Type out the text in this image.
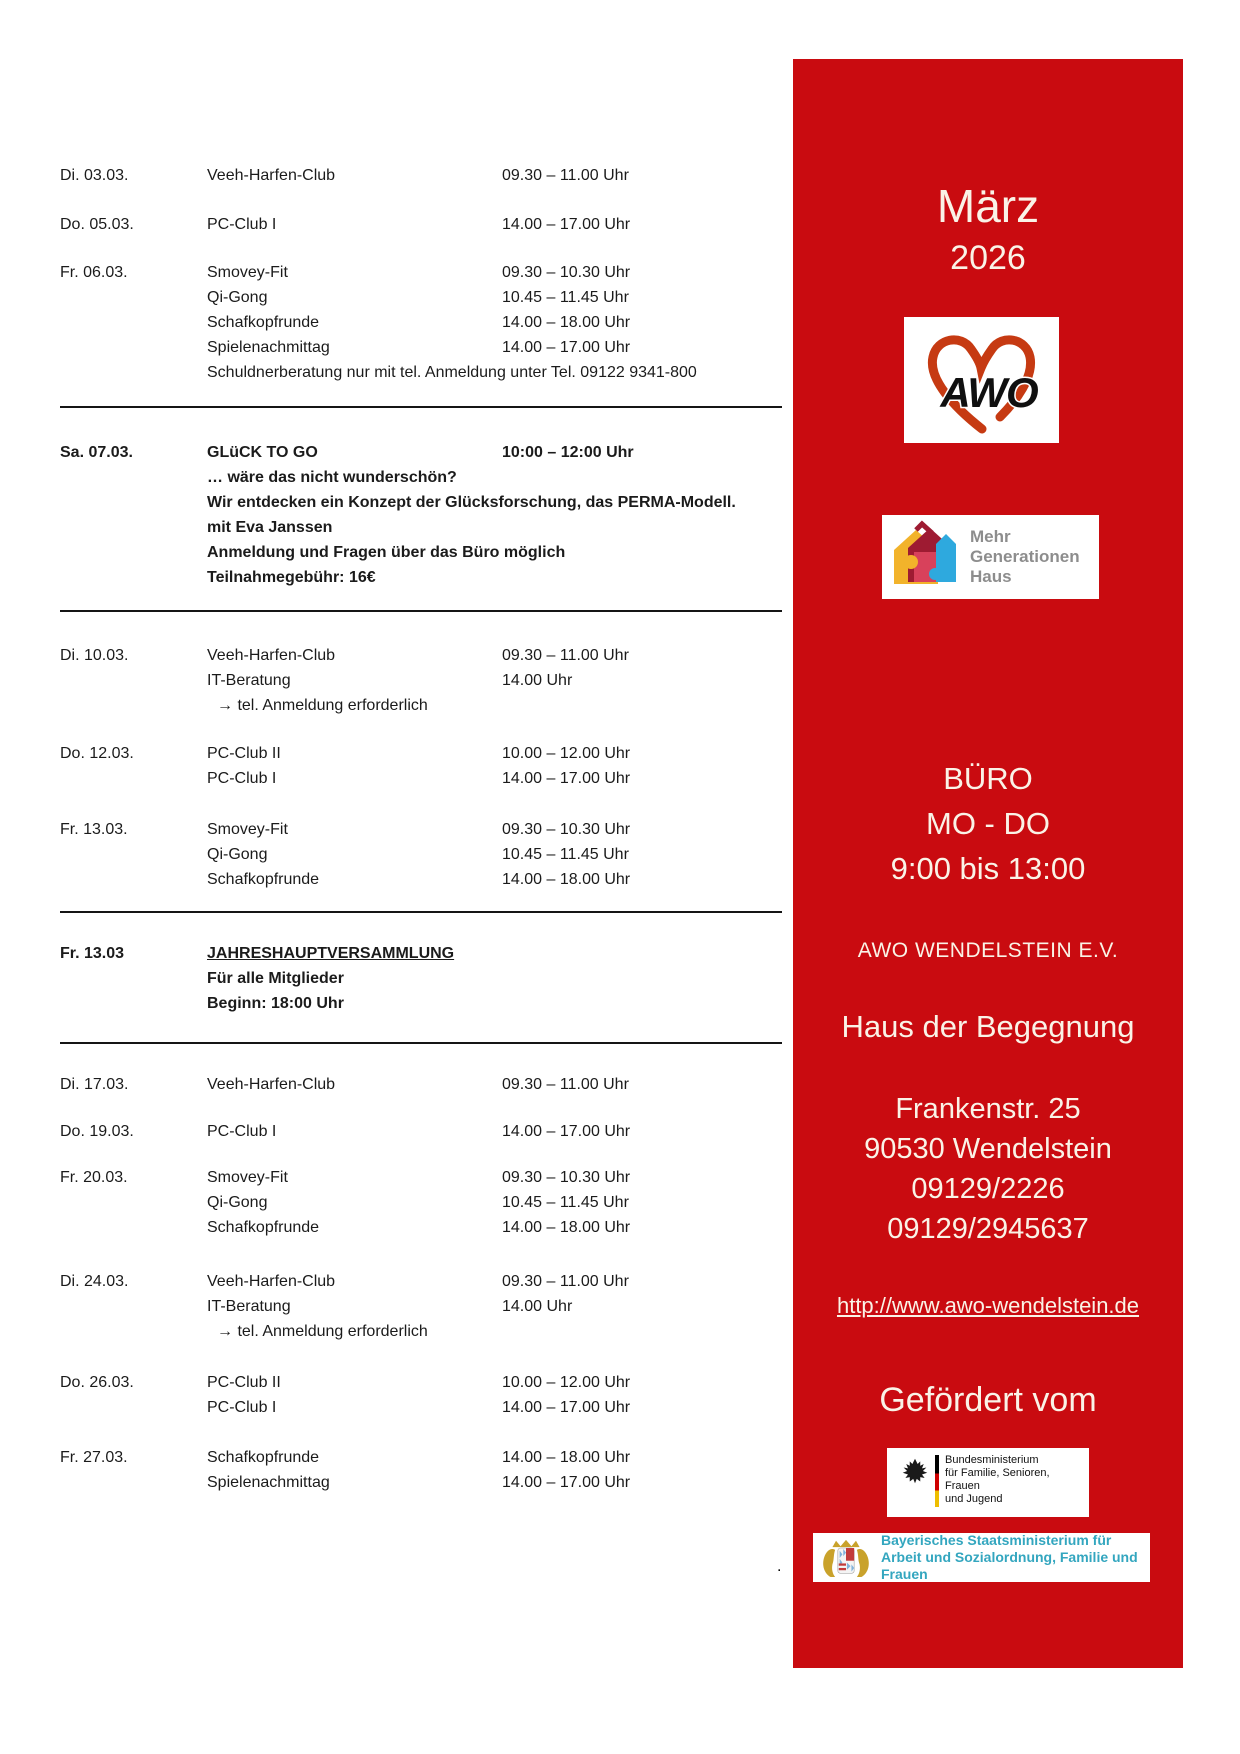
Di. 03.03.	Veeh-Harfen-Club	09.30 – 11.00 Uhr
Do. 05.03.	PC-Club I	14.00 – 17.00 Uhr
Fr. 06.03.	Smovey-Fit	09.30 – 10.30 Uhr
Qi-Gong	10.45 – 11.45 Uhr
Schafkopfrunde	14.00 – 18.00 Uhr
Spielenachmittag	14.00 – 17.00 Uhr
Schuldnerberatung nur mit tel. Anmeldung unter Tel. 09122 9341-800
Sa. 07.03.	GLüCK TO GO	10:00 – 12:00 Uhr
… wäre das nicht wunderschön?
Wir entdecken ein Konzept der Glücksforschung, das PERMA-Modell.
mit Eva Janssen
Anmeldung und Fragen über das Büro möglich
Teilnahmegebühr: 16€
Di. 10.03.	Veeh-Harfen-Club	09.30 – 11.00 Uhr
IT-Beratung	14.00 Uhr
→ tel. Anmeldung erforderlich
Do. 12.03.	PC-Club II	10.00 – 12.00 Uhr
PC-Club I	14.00 – 17.00 Uhr
Fr. 13.03.	Smovey-Fit	09.30 – 10.30 Uhr
Qi-Gong	10.45 – 11.45 Uhr
Schafkopfrunde	14.00 – 18.00 Uhr
Fr. 13.03	JAHRESHAUPTVERSAMMLUNG
Für alle Mitglieder
Beginn: 18:00 Uhr
Di. 17.03.	Veeh-Harfen-Club	09.30 – 11.00 Uhr
Do. 19.03.	PC-Club I	14.00 – 17.00 Uhr
Fr. 20.03.	Smovey-Fit	09.30 – 10.30 Uhr
Qi-Gong	10.45 – 11.45 Uhr
Schafkopfrunde	14.00 – 18.00 Uhr
Di. 24.03.	Veeh-Harfen-Club	09.30 – 11.00 Uhr
IT-Beratung	14.00 Uhr
→ tel. Anmeldung erforderlich
Do. 26.03.	PC-Club II	10.00 – 12.00 Uhr
PC-Club I	14.00 – 17.00 Uhr
Fr. 27.03.	Schafkopfrunde	14.00 – 18.00 Uhr
Spielenachmittag	14.00 – 17.00 Uhr
.
März
2026
AWO
Mehr
Generationen
Haus
BÜRO
MO - DO
9:00 bis 13:00
AWO WENDELSTEIN E.V.
Haus der Begegnung
Frankenstr. 25
90530 Wendelstein
09129/2226
09129/2945637
http://www.awo-wendelstein.de
Gefördert vom
Bundesministerium
für Familie, Senioren, Frauen
und Jugend
Bayerisches Staatsministerium für
Arbeit und Sozialordnung, Familie und Frauen
